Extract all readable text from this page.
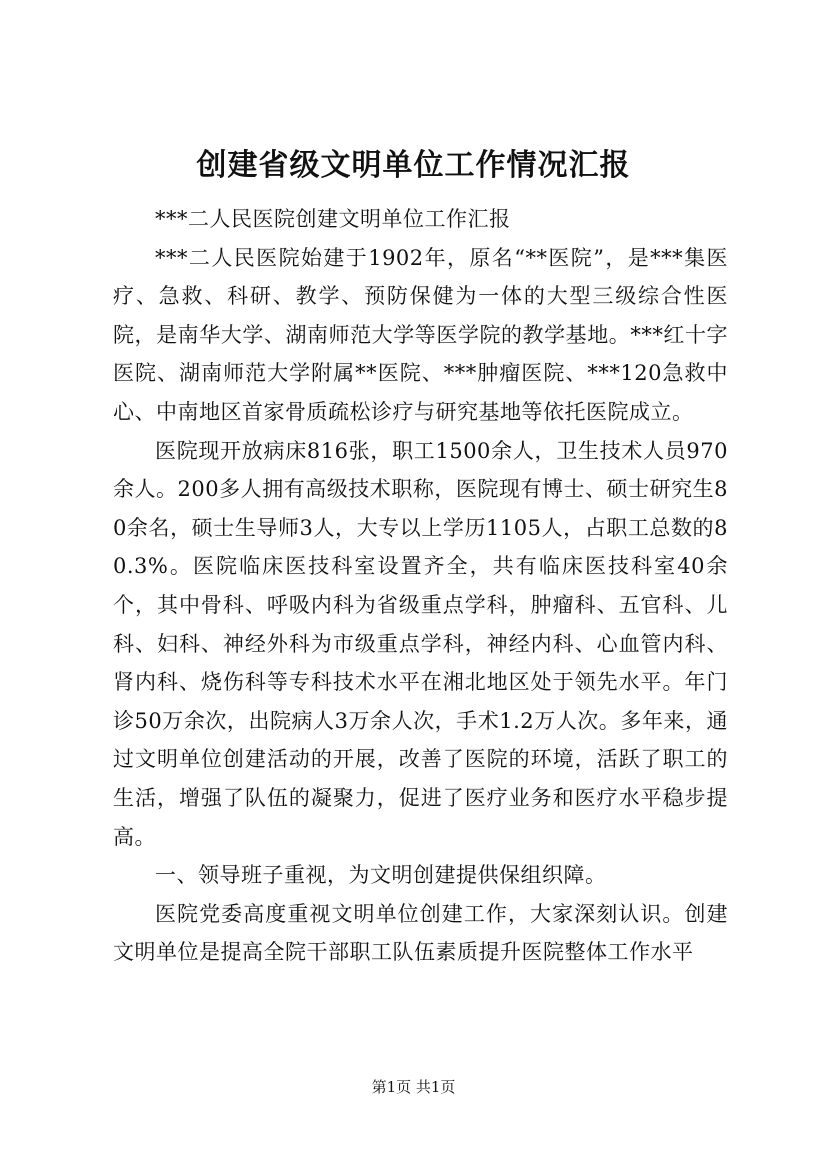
创建省级文明单位工作情况汇报

***二人民医院创建文明单位工作汇报

***二人民医院始建于1902年，原名“**医院”，是***集医疗、急救、科研、教学、预防保健为一体的大型三级综合性医院，是南华大学、湖南师范大学等医学院的教学基地。***红十字医院、湖南师范大学附属**医院、***肿瘤医院、***120急救中心、中南地区首家骨质疏松诊疗与研究基地等依托医院成立。

医院现开放病床816张，职工1500余人，卫生技术人员970余人。200多人拥有高级技术职称，医院现有博士、硕士研究生80余名，硕士生导师3人，大专以上学历1105人，占职工总数的80.3%。医院临床医技科室设置齐全，共有临床医技科室40余个，其中骨科、呼吸内科为省级重点学科，肿瘤科、五官科、儿科、妇科、神经外科为市级重点学科，神经内科、心血管内科、肾内科、烧伤科等专科技术水平在湘北地区处于领先水平。年门诊50万余次，出院病人3万余人次，手术1.2万人次。多年来，通过文明单位创建活动的开展，改善了医院的环境，活跃了职工的生活，增强了队伍的凝聚力，促进了医疗业务和医疗水平稳步提高。

一、领导班子重视，为文明创建提供保组织障。

医院党委高度重视文明单位创建工作，大家深刻认识。创建文明单位是提高全院干部职工队伍素质提升医院整体工作水平

第1页 共1页
